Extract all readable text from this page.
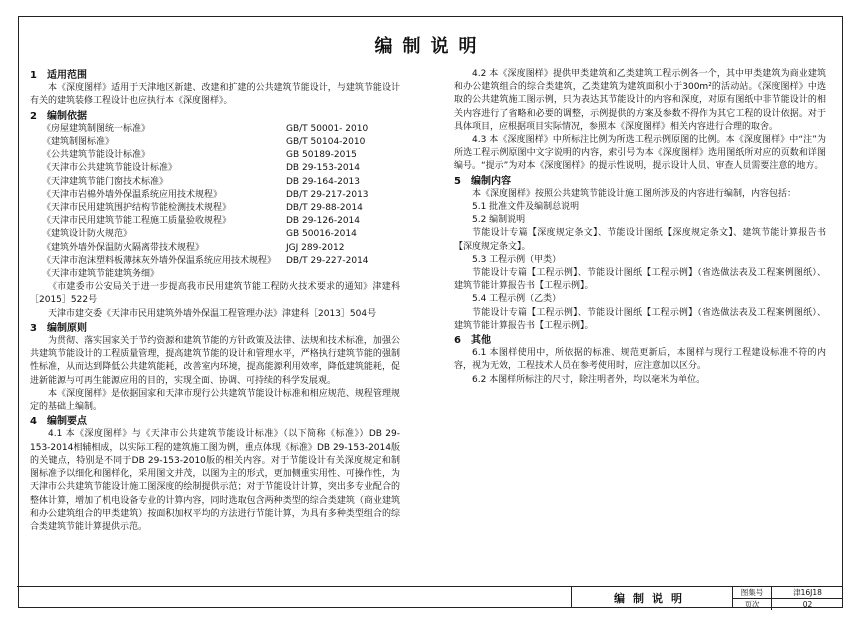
编制说明
1　适用范围

本《深度图样》适用于天津地区新建、改建和扩建的公共建筑节能设计，与建筑节能设计有关的建筑装修工程设计也应执行本《深度图样》。

2　编制依据
《房屋建筑制图统一标准》	GB/T 50001- 2010
《建筑制图标准》	GB/T 50104-2010
《公共建筑节能设计标准》	GB 50189-2015
《天津市公共建筑节能设计标准》	DB 29-153-2014
《天津建筑节能门窗技术标准》	DB 29-164-2013
《天津市岩棉外墙外保温系统应用技术规程》	DB/T 29-217-2013
《天津市民用建筑围护结构节能检测技术规程》	DB/T 29-88-2014
《天津市民用建筑节能工程施工质量验收规程》	DB 29-126-2014
《建筑设计防火规范》	GB 50016-2014
《建筑外墙外保温防火隔离带技术规程》	JGJ 289-2012
《天津市泡沫塑料板薄抹灰外墙外保温系统应用技术规程》 DB/T 29-227-2014
《天津市建筑节能建筑务细》

《市建委市公安局关于进一步提高我市民用建筑节能工程防火技术要求的通知》津建科［2015］522号

天津市建交委《天津市民用建筑外墙外保温工程管理办法》津建科［2013］504号

3　编制原则

为贯彻、落实国家关于节约资源和建筑节能的方针政策及法律、法规和技术标准，加强公共建筑节能设计的工程质量管理，提高建筑节能的设计和管理水平，严格执行建筑节能的强制性标准，从而达到降低公共建筑能耗，改善室内环境，提高能源利用效率，降低建筑能耗，促进新能源与可再生能源应用的目的，实现全面、协调、可持续的科学发展观。

本《深度图样》是依据国家和天津市现行公共建筑节能设计标准和相应规范、规程管理规定的基础上编制。

4　编制要点

4.1 本《深度图样》与《天津市公共建筑节能设计标准》（以下简称《标准》）DB 29-153-2014相辅相成，以实际工程的建筑施工图为例，重点体现《标准》DB 29-153-2014版的关键点，特别是不同于DB 29-153-2010版的相关内容。对于节能设计有关深度规定和制图标准予以细化和图样化，采用图文并茂，以图为主的形式，更加侧重实用性、可操作性，为天津市公共建筑节能设计施工图深度的绘制提供示范；对于节能设计计算，突出多专业配合的整体计算，增加了机电设备专业的计算内容，同时选取包含两种类型的综合类建筑（商业建筑和办公建筑组合的甲类建筑）按面积加权平均的方法进行节能计算，为具有多种类型组合的综合类建筑节能计算提供示范。

4.2 本《深度图样》提供甲类建筑和乙类建筑工程示例各一个，其中甲类建筑为商业建筑和办公建筑组合的综合类建筑，乙类建筑为建筑面积小于300m²的活动站。《深度图样》中选取的公共建筑施工图示例，只为表达其节能设计的内容和深度，对原有图纸中非节能设计的相关内容进行了省略和必要的调整，示例提供的方案及参数不得作为其它工程的设计依据。对于具体项目，应根据项目实际情况，参照本《深度图样》相关内容进行合理的取舍。

4.3 本《深度图样》中所标注比例为所选工程示例原图的比例。本《深度图样》中“注”为所选工程示例原图中文字说明的内容，索引号为本《深度图样》选用图纸所对应的页数和详图编号。“提示”为对本《深度图样》的提示性说明，提示设计人员、审查人员需要注意的地方。

5　编制内容

本《深度图样》按照公共建筑节能设计施工图所涉及的内容进行编制，内容包括：

5.1 批准文件及编制总说明

5.2 编制说明

节能设计专篇【深度规定条文】、节能设计图纸【深度规定条文】、建筑节能计算报告书【深度规定条文】。

5.3 工程示例（甲类）

节能设计专篇【工程示例】、节能设计图纸【工程示例】（省选做法表及工程案例图纸）、建筑节能计算报告书【工程示例】。

5.4 工程示例（乙类）

节能设计专篇【工程示例】、节能设计图纸【工程示例】（省选做法表及工程案例图纸）、建筑节能计算报告书【工程示例】。

6　其他

6.1 本图样使用中，所依据的标准、规范更新后，本图样与现行工程建设标准不符的内容，视为无效，工程技术人员在参考使用时，应注意加以区分。

6.2 本图样所标注的尺寸，除注明者外，均以毫米为单位。

编制说明	图集号	津16J18
页次	02
